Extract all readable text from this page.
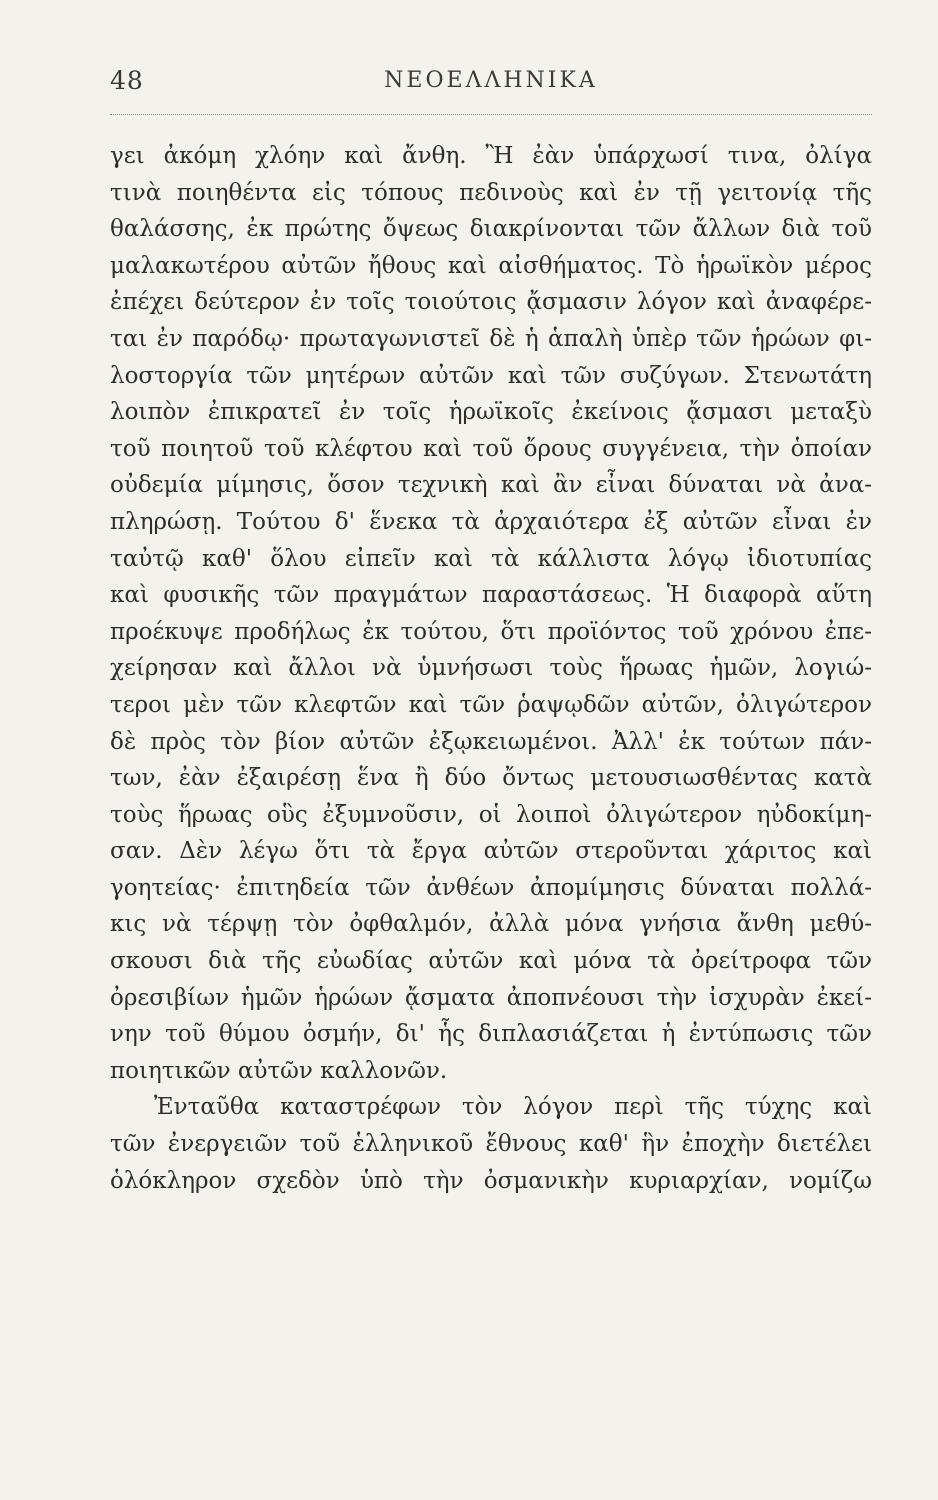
48	ΝΕΟΕΛΛΗΝΙΚΑ
γει ἀκόμη χλόην καὶ ἄνθη. Ἢ ἐὰν ὑπάρχωσί τινα, ὀλίγα
τινὰ ποιηθέντα εἰς τόπους πεδινοὺς καὶ ἐν τῇ γειτονίᾳ τῆς
θαλάσσης, ἐκ πρώτης ὄψεως διακρίνονται τῶν ἄλλων διὰ τοῦ
μαλακωτέρου αὐτῶν ἤθους καὶ αἰσθήματος. Τὸ ἡρωϊκὸν μέρος
ἐπέχει δεύτερον ἐν τοῖς τοιούτοις ᾄσμασιν λόγον καὶ ἀναφέρε-
ται ἐν παρόδῳ· πρωταγωνιστεῖ δὲ ἡ ἁπαλὴ ὑπὲρ τῶν ἡρώων φι-
λοστοργία τῶν μητέρων αὐτῶν καὶ τῶν συζύγων. Στενωτάτη
λοιπὸν ἐπικρατεῖ ἐν τοῖς ἡρωϊκοῖς ἐκείνοις ᾄσμασι μεταξὺ
τοῦ ποιητοῦ τοῦ κλέφτου καὶ τοῦ ὄρους συγγένεια, τὴν ὁποίαν
οὐδεμία μίμησις, ὅσον τεχνικὴ καὶ ἂν εἶναι δύναται νὰ ἀνα-
πληρώσῃ. Τούτου δ' ἕνεκα τὰ ἀρχαιότερα ἐξ αὐτῶν εἶναι ἐν
ταὐτῷ καθ' ὅλου εἰπεῖν καὶ τὰ κάλλιστα λόγῳ ἰδιοτυπίας
καὶ φυσικῆς τῶν πραγμάτων παραστάσεως. Ἡ διαφορὰ αὕτη
προέκυψε προδήλως ἐκ τούτου, ὅτι προϊόντος τοῦ χρόνου ἐπε-
χείρησαν καὶ ἄλλοι νὰ ὑμνήσωσι τοὺς ἥρωας ἡμῶν, λογιώ-
τεροι μὲν τῶν κλεφτῶν καὶ τῶν ῥαψῳδῶν αὐτῶν, ὀλιγώτερον
δὲ πρὸς τὸν βίον αὐτῶν ἐξῳκειωμένοι. Ἀλλ' ἐκ τούτων πάν-
των, ἐὰν ἐξαιρέσῃ ἕνα ἢ δύο ὄντως μετουσιωσθέντας κατὰ
τοὺς ἥρωας οὓς ἐξυμνοῦσιν, οἱ λοιποὶ ὀλιγώτερον ηὐδοκίμη-
σαν. Δὲν λέγω ὅτι τὰ ἔργα αὐτῶν στεροῦνται χάριτος καὶ
γοητείας· ἐπιτηδεία τῶν ἀνθέων ἀπομίμησις δύναται πολλά-
κις νὰ τέρψῃ τὸν ὀφθαλμόν, ἀλλὰ μόνα γνήσια ἄνθη μεθύ-
σκουσι διὰ τῆς εὐωδίας αὐτῶν καὶ μόνα τὰ ὀρείτροφα τῶν
ὀρεσιβίων ἡμῶν ἡρώων ᾄσματα ἀποπνέουσι τὴν ἰσχυρὰν ἐκεί-
νην τοῦ θύμου ὀσμήν, δι' ἧς διπλασιάζεται ἡ ἐντύπωσις τῶν
ποιητικῶν αὐτῶν καλλονῶν.
Ἐνταῦθα καταστρέφων τὸν λόγον περὶ τῆς τύχης καὶ
τῶν ἐνεργειῶν τοῦ ἑλληνικοῦ ἔθνους καθ' ἣν ἐποχὴν διετέλει
ὁλόκληρον σχεδὸν ὑπὸ τὴν ὀσμανικὴν κυριαρχίαν, νομίζω
